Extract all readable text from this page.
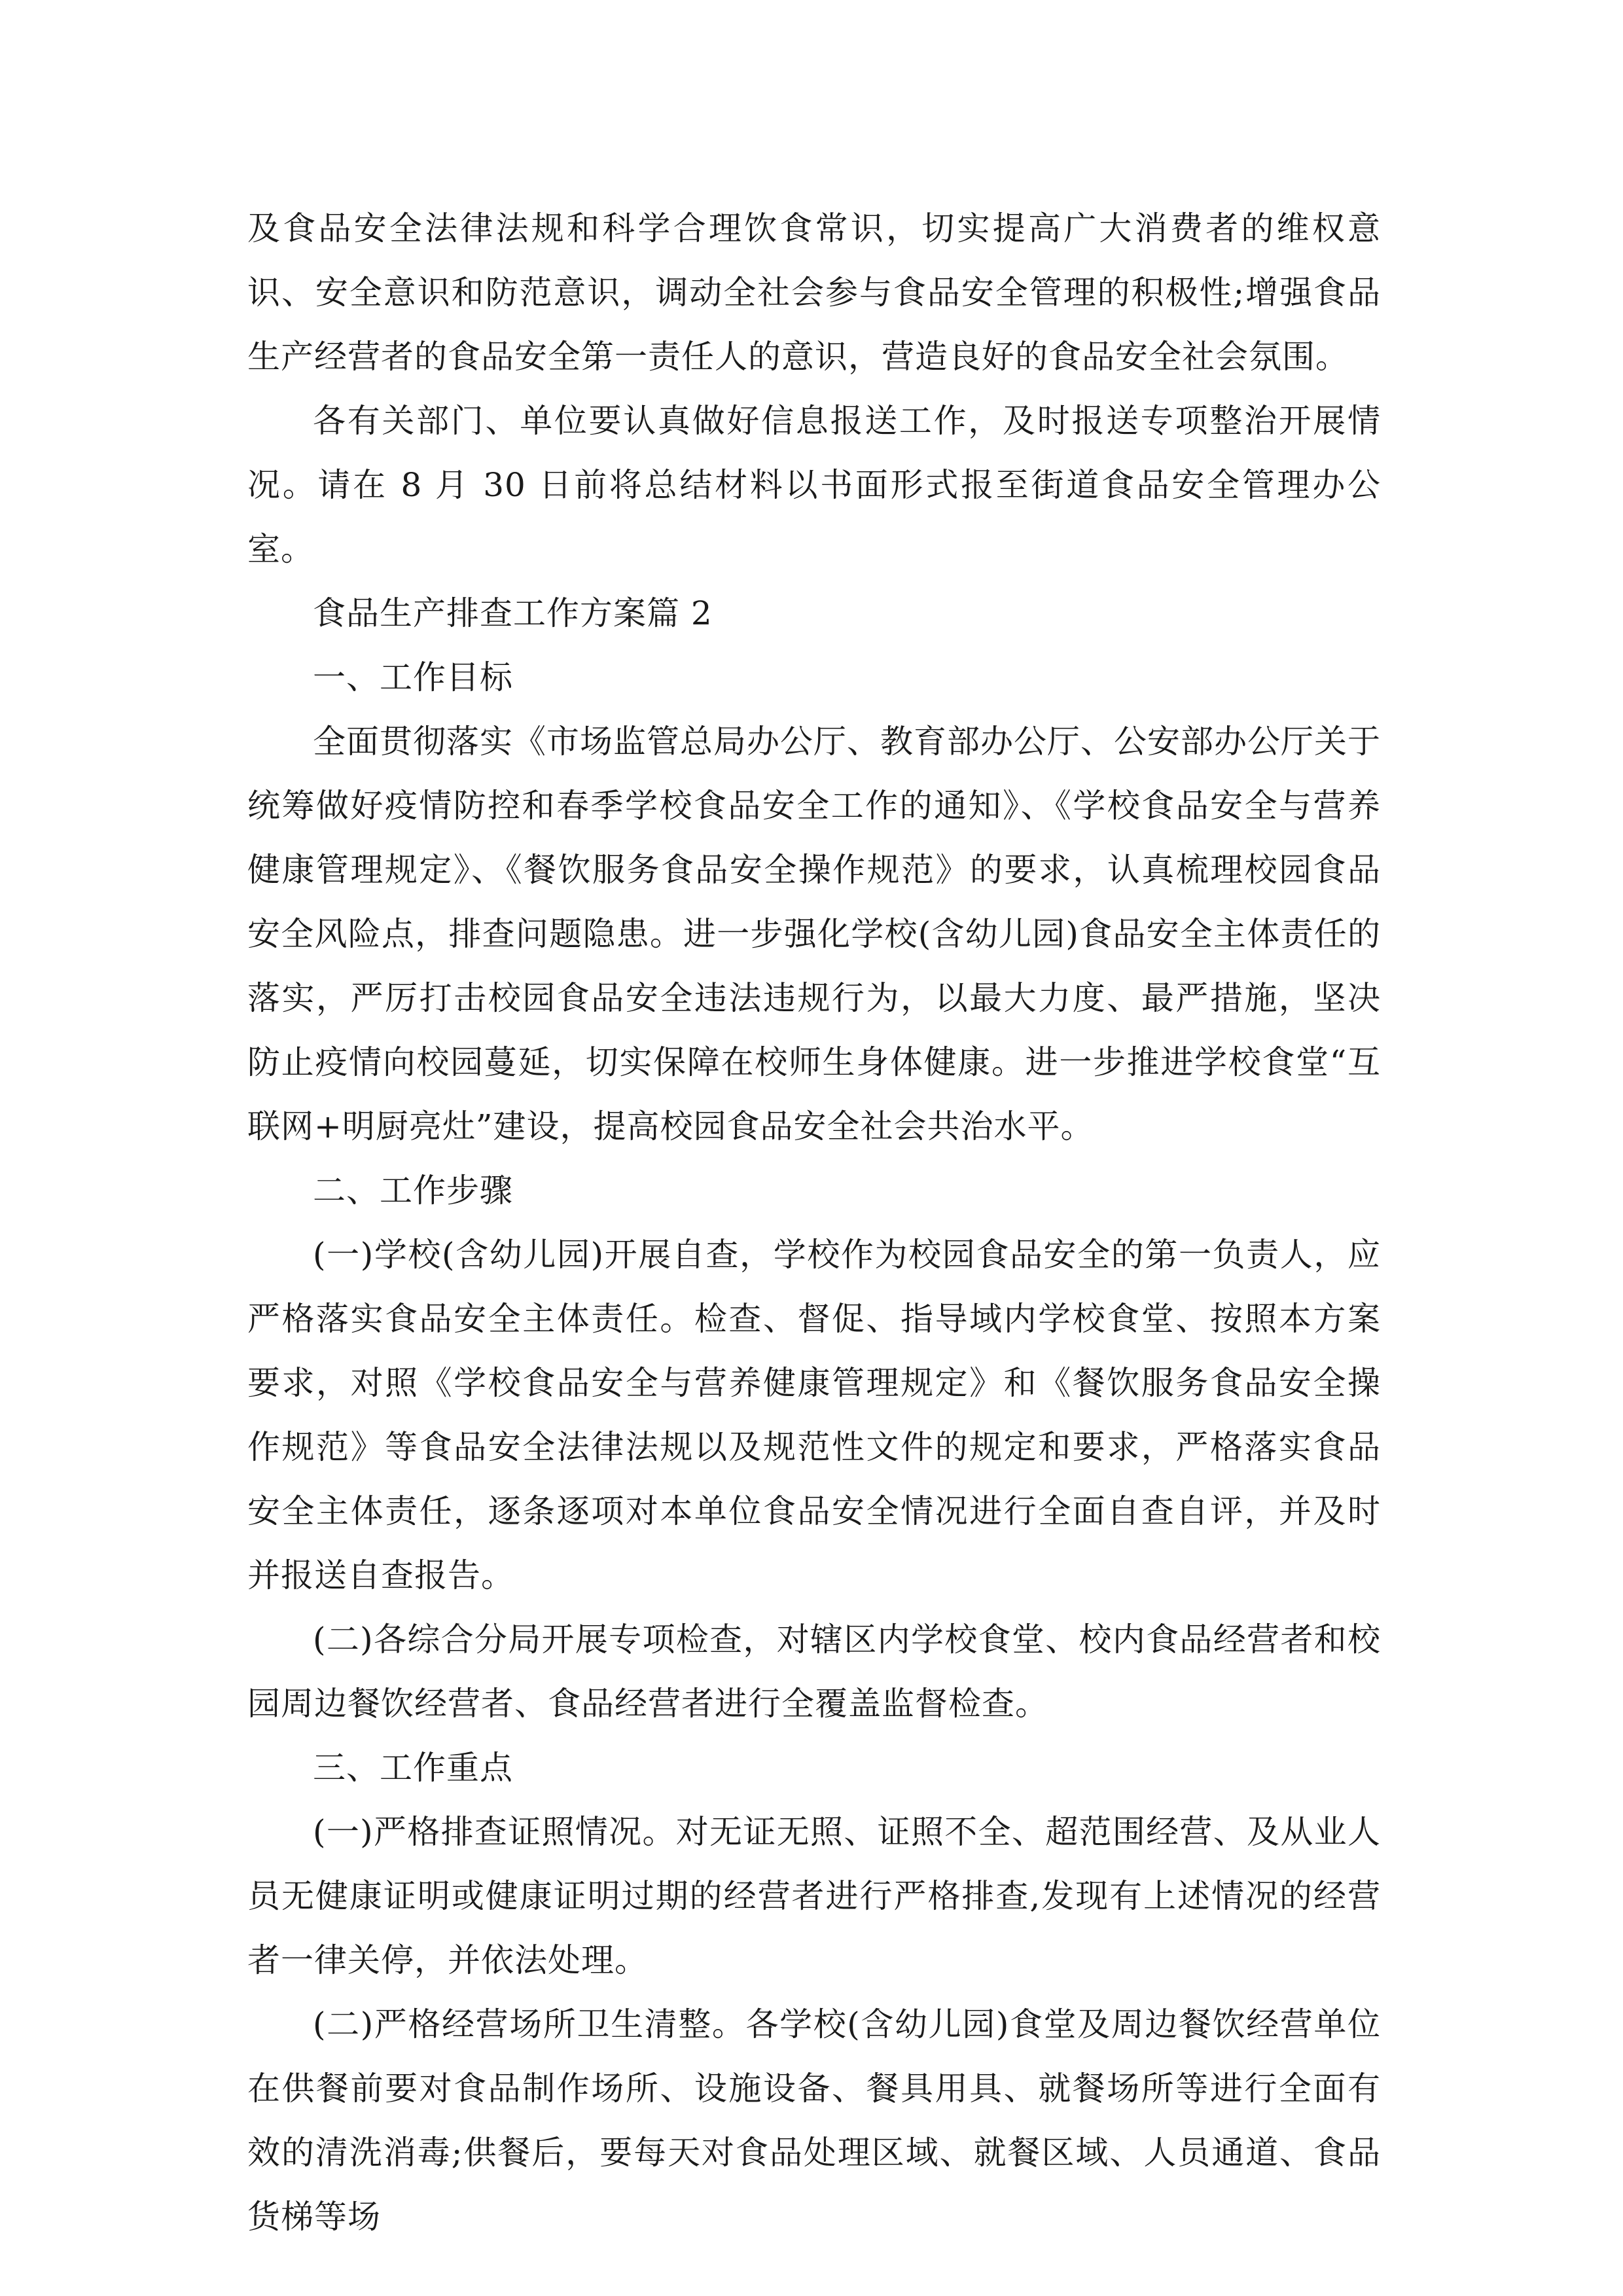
及食品安全法律法规和科学合理饮食常识，切实提高广大消费者的维权意识、安全意识和防范意识，调动全社会参与食品安全管理的积极性;增强食品生产经营者的食品安全第一责任人的意识，营造良好的食品安全社会氛围。

各有关部门、单位要认真做好信息报送工作，及时报送专项整治开展情况。请在 8 月 30 日前将总结材料以书面形式报至街道食品安全管理办公室。

食品生产排查工作方案篇 2

一、工作目标

全面贯彻落实《市场监管总局办公厅、教育部办公厅、公安部办公厅关于统筹做好疫情防控和春季学校食品安全工作的通知》、《学校食品安全与营养健康管理规定》、《餐饮服务食品安全操作规范》的要求，认真梳理校园食品安全风险点，排查问题隐患。进一步强化学校(含幼儿园)食品安全主体责任的落实，严厉打击校园食品安全违法违规行为，以最大力度、最严措施，坚决防止疫情向校园蔓延，切实保障在校师生身体健康。进一步推进学校食堂“互联网+明厨亮灶”建设，提高校园食品安全社会共治水平。

二、工作步骤

(一)学校(含幼儿园)开展自查，学校作为校园食品安全的第一负责人，应严格落实食品安全主体责任。检查、督促、指导域内学校食堂、按照本方案要求，对照《学校食品安全与营养健康管理规定》和《餐饮服务食品安全操作规范》等食品安全法律法规以及规范性文件的规定和要求，严格落实食品安全主体责任，逐条逐项对本单位食品安全情况进行全面自查自评，并及时并报送自查报告。

(二)各综合分局开展专项检查，对辖区内学校食堂、校内食品经营者和校园周边餐饮经营者、食品经营者进行全覆盖监督检查。

三、工作重点

(一)严格排查证照情况。对无证无照、证照不全、超范围经营、及从业人员无健康证明或健康证明过期的经营者进行严格排查,发现有上述情况的经营者一律关停，并依法处理。

(二)严格经营场所卫生清整。各学校(含幼儿园)食堂及周边餐饮经营单位在供餐前要对食品制作场所、设施设备、餐具用具、就餐场所等进行全面有效的清洗消毒;供餐后，要每天对食品处理区域、就餐区域、人员通道、食品货梯等场
